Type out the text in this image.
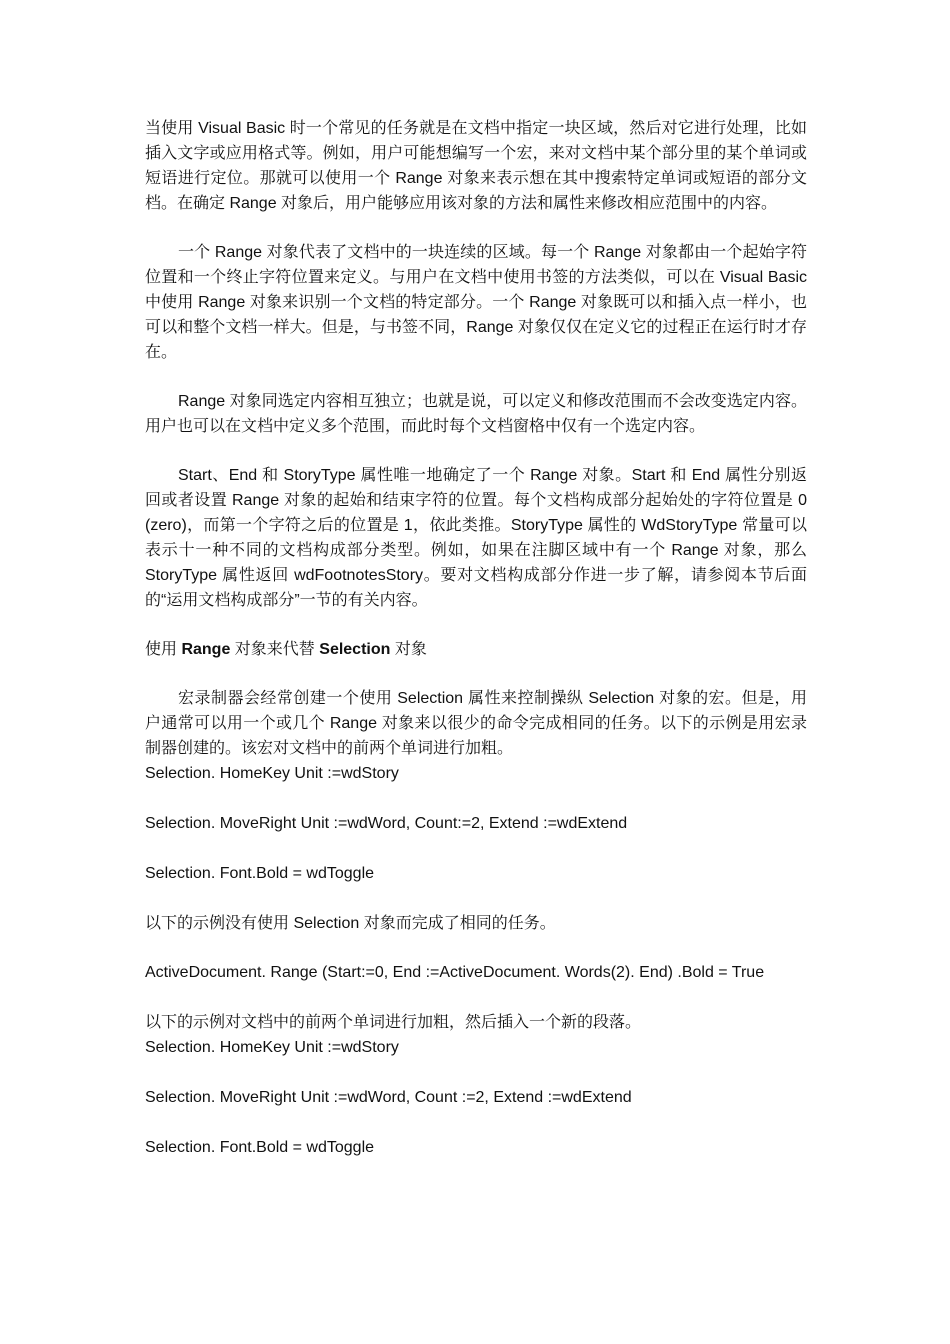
当使用 Visual Basic 时一个常见的任务就是在文档中指定一块区域，然后对它进行处理，比如插入文字或应用格式等。例如，用户可能想编写一个宏，来对文档中某个部分里的某个单词或短语进行定位。那就可以使用一个 Range 对象来表示想在其中搜索特定单词或短语的部分文档。在确定 Range 对象后，用户能够应用该对象的方法和属性来修改相应范围中的内容。

一个 Range 对象代表了文档中的一块连续的区域。每一个 Range 对象都由一个起始字符位置和一个终止字符位置来定义。与用户在文档中使用书签的方法类似，可以在 Visual Basic 中使用 Range 对象来识别一个文档的特定部分。一个 Range 对象既可以和插入点一样小，也可以和整个文档一样大。但是，与书签不同，Range 对象仅仅在定义它的过程正在运行时才存在。

Range 对象同选定内容相互独立；也就是说，可以定义和修改范围而不会改变选定内容。用户也可以在文档中定义多个范围，而此时每个文档窗格中仅有一个选定内容。

Start、End 和 StoryType 属性唯一地确定了一个 Range 对象。Start 和 End 属性分别返回或者设置 Range 对象的起始和结束字符的位置。每个文档构成部分起始处的字符位置是 0 (zero)，而第一个字符之后的位置是 1，依此类推。StoryType 属性的 WdStoryType 常量可以表示十一种不同的文档构成部分类型。例如，如果在注脚区域中有一个 Range 对象，那么 StoryType 属性返回 wdFootnotesStory。要对文档构成部分作进一步了解，请参阅本节后面的“运用文档构成部分”一节的有关内容。

使用 Range 对象来代替 Selection 对象

宏录制器会经常创建一个使用 Selection 属性来控制操纵 Selection 对象的宏。但是，用户通常可以用一个或几个 Range 对象来以很少的命令完成相同的任务。以下的示例是用宏录制器创建的。该宏对文档中的前两个单词进行加粗。

Selection. HomeKey Unit :=wdStory
Selection. MoveRight Unit :=wdWord, Count:=2, Extend :=wdExtend
Selection. Font.Bold = wdToggle

以下的示例没有使用 Selection 对象而完成了相同的任务。

ActiveDocument. Range (Start:=0, End :=ActiveDocument. Words(2). End) .Bold = True

以下的示例对文档中的前两个单词进行加粗，然后插入一个新的段落。

Selection. HomeKey Unit :=wdStory
Selection. MoveRight Unit :=wdWord, Count :=2, Extend :=wdExtend
Selection. Font.Bold = wdToggle
